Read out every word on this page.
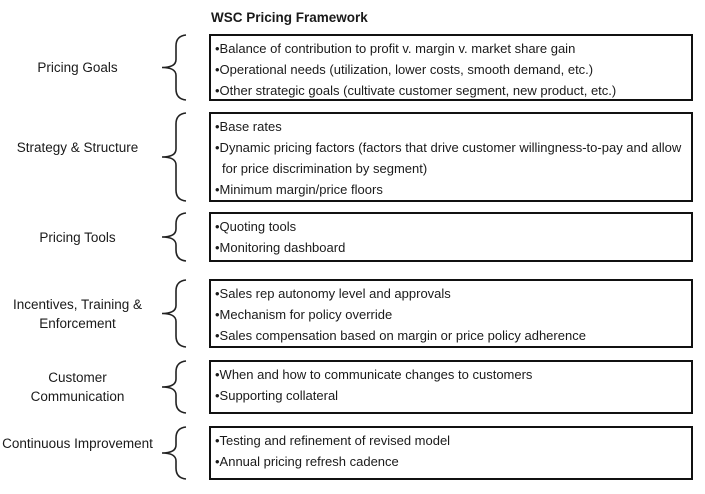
WSC Pricing Framework
•Balance of contribution to profit v. margin v. market share gain
•Operational needs (utilization, lower costs, smooth demand, etc.)
•Other strategic goals (cultivate customer segment, new product, etc.)
Pricing Goals
•Base rates
•Dynamic pricing factors (factors that drive customer willingness-to-pay and allow for price discrimination by segment)
•Minimum margin/price floors
Strategy & Structure
•Quoting tools
•Monitoring dashboard
Pricing Tools
•Sales rep autonomy level and approvals
•Mechanism for policy override
•Sales compensation based on margin or price policy adherence
Incentives, Training & Enforcement
•When and how to communicate changes to customers
•Supporting collateral
Customer Communication
•Testing and refinement of revised model
•Annual pricing refresh cadence
Continuous Improvement
